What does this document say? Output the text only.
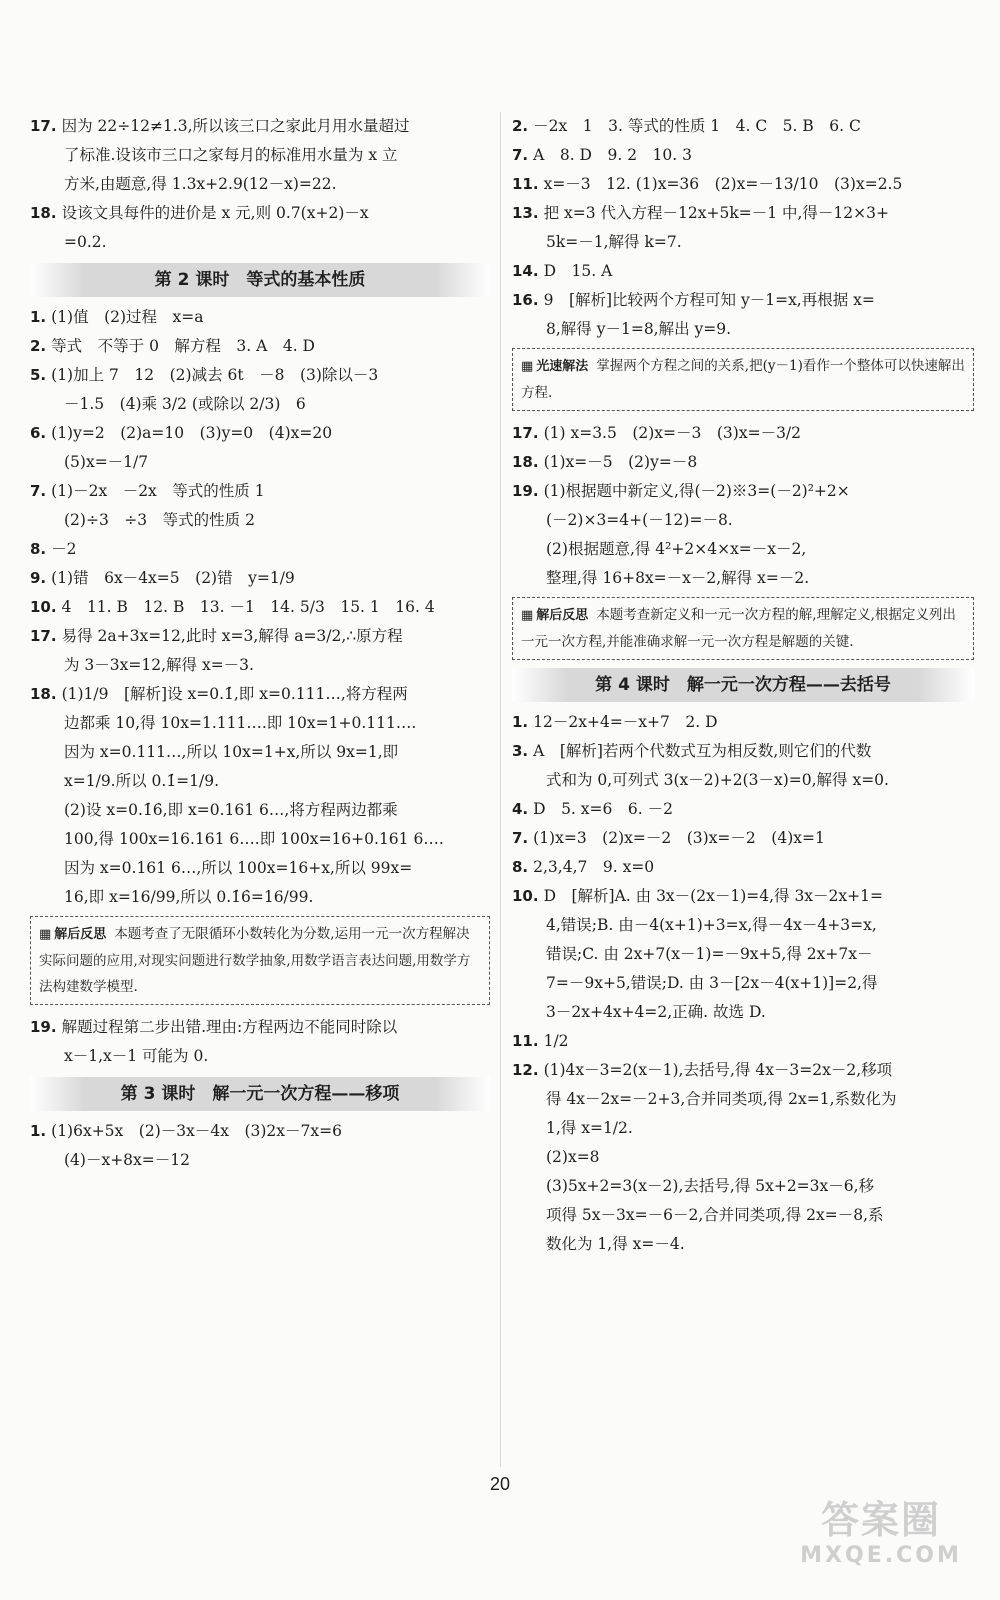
17. 因为 22÷12≠1.3,所以该三口之家此月用水量超过
了标准.设该市三口之家每月的标准用水量为 x 立
方米,由题意,得 1.3x+2.9(12－x)=22.
18. 设该文具每件的进价是 x 元,则 0.7(x+2)－x
=0.2.
第 2 课时　等式的基本性质
1. (1)值　(2)过程　x=a
2. 等式　不等于 0　解方程　3. A　4. D
5. (1)加上 7　12　(2)减去 6t　－8　(3)除以－3
－1.5　(4)乘 3/2 (或除以 2/3)　6
6. (1)y=2　(2)a=10　(3)y=0　(4)x=20
(5)x=－1/7
7. (1)－2x　－2x　等式的性质 1
(2)÷3　÷3　等式的性质 2
8. －2
9. (1)错　6x－4x=5　(2)错　y=1/9
10. 4　11. B　12. B　13. －1　14. 5/3　15. 1　16. 4
17. 易得 2a+3x=12,此时 x=3,解得 a=3/2,∴原方程
为 3－3x=12,解得 x=－3.
18. (1)1/9　[解析]设 x=0.1̇,即 x=0.111…,将方程两
边都乘 10,得 10x=1.111….即 10x=1+0.111….
因为 x=0.111…,所以 10x=1+x,所以 9x=1,即
x=1/9.所以 0.1̇=1/9.
(2)设 x=0.1̇6̇,即 x=0.161 6…,将方程两边都乘
100,得 100x=16.161 6….即 100x=16+0.161 6….
因为 x=0.161 6…,所以 100x=16+x,所以 99x=
16,即 x=16/99,所以 0.1̇6̇=16/99.
▦ 解后反思 本题考查了无限循环小数转化为分数,运用一元一次方程解决实际问题的应用,对现实问题进行数学抽象,用数学语言表达问题,用数学方法构建数学模型.
19. 解题过程第二步出错.理由:方程两边不能同时除以
x－1,x－1 可能为 0.
第 3 课时　解一元一次方程——移项
1. (1)6x+5x　(2)－3x－4x　(3)2x－7x=6
(4)－x+8x=－12
2. －2x　1　3. 等式的性质 1　4. C　5. B　6. C
7. A　8. D　9. 2　10. 3
11. x=－3　12. (1)x=36　(2)x=－13/10　(3)x=2.5
13. 把 x=3 代入方程－12x+5k=－1 中,得－12×3+
5k=－1,解得 k=7.
14. D　15. A
16. 9　[解析]比较两个方程可知 y－1=x,再根据 x=
8,解得 y－1=8,解出 y=9.
▦ 光速解法 掌握两个方程之间的关系,把(y－1)看作一个整体可以快速解出方程.
17. (1) x=3.5　(2)x=－3　(3)x=－3/2
18. (1)x=－5　(2)y=－8
19. (1)根据题中新定义,得(－2)※3=(－2)²+2×
(－2)×3=4+(－12)=－8.
(2)根据题意,得 4²+2×4×x=－x－2,
整理,得 16+8x=－x－2,解得 x=－2.
▦ 解后反思 本题考查新定义和一元一次方程的解,理解定义,根据定义列出一元一次方程,并能准确求解一元一次方程是解题的关键.
第 4 课时　解一元一次方程——去括号
1. 12－2x+4=－x+7　2. D
3. A　[解析]若两个代数式互为相反数,则它们的代数
式和为 0,可列式 3(x－2)+2(3－x)=0,解得 x=0.
4. D　5. x=6　6. －2
7. (1)x=3　(2)x=－2　(3)x=－2　(4)x=1
8. 2,3,4,7　9. x=0
10. D　[解析]A. 由 3x－(2x－1)=4,得 3x－2x+1=
4,错误;B. 由－4(x+1)+3=x,得－4x－4+3=x,
错误;C. 由 2x+7(x－1)=－9x+5,得 2x+7x－
7=－9x+5,错误;D. 由 3－[2x－4(x+1)]=2,得
3－2x+4x+4=2,正确. 故选 D.
11. 1/2
12. (1)4x－3=2(x－1),去括号,得 4x－3=2x－2,移项
得 4x－2x=－2+3,合并同类项,得 2x=1,系数化为
1,得 x=1/2.
(2)x=8
(3)5x+2=3(x－2),去括号,得 5x+2=3x－6,移
项得 5x－3x=－6－2,合并同类项,得 2x=－8,系
数化为 1,得 x=－4.
20
答案圈
MXQE.COM
